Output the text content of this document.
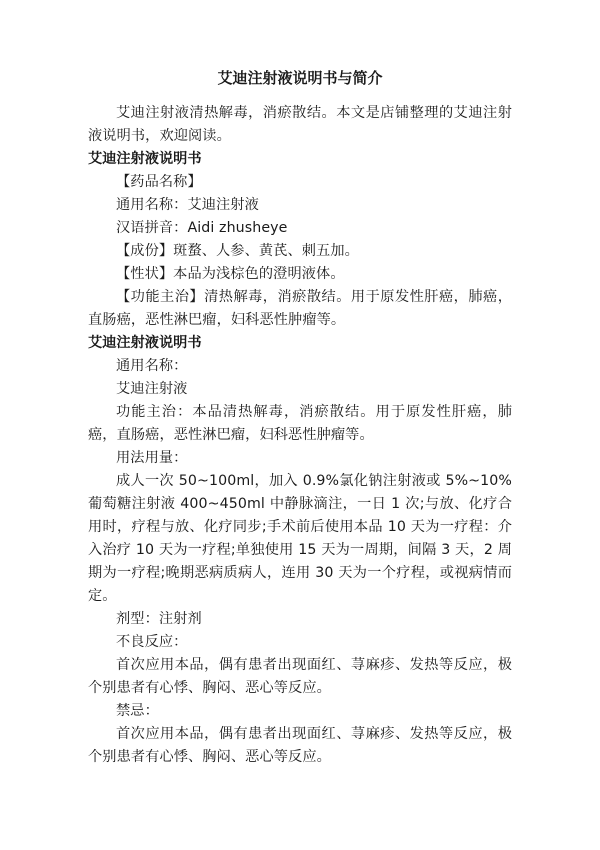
艾迪注射液说明书与简介

艾迪注射液清热解毒，消瘀散结。本文是店铺整理的艾迪注射液说明书，欢迎阅读。

艾迪注射液说明书

【药品名称】

通用名称：艾迪注射液

汉语拼音：Aidi zhusheye

【成份】斑蝥、人参、黄芪、刺五加。

【性状】本品为浅棕色的澄明液体。

【功能主治】清热解毒，消瘀散结。用于原发性肝癌，肺癌，直肠癌，恶性淋巴瘤，妇科恶性肿瘤等。

艾迪注射液说明书

通用名称：

艾迪注射液

功能主治：本品清热解毒，消瘀散结。用于原发性肝癌，肺癌，直肠癌，恶性淋巴瘤，妇科恶性肿瘤等。

用法用量：

成人一次 50~100ml，加入 0.9%氯化钠注射液或 5%~10%葡萄糖注射液 400~450ml 中静脉滴注，一日 1 次;与放、化疗合用时，疗程与放、化疗同步;手术前后使用本品 10 天为一疗程：介入治疗 10 天为一疗程;单独使用 15 天为一周期，间隔 3 天，2 周期为一疗程;晚期恶病质病人，连用 30 天为一个疗程，或视病情而定。

剂型：注射剂

不良反应：

首次应用本品，偶有患者出现面红、荨麻疹、发热等反应，极个别患者有心悸、胸闷、恶心等反应。

禁忌：

首次应用本品，偶有患者出现面红、荨麻疹、发热等反应，极个别患者有心悸、胸闷、恶心等反应。
